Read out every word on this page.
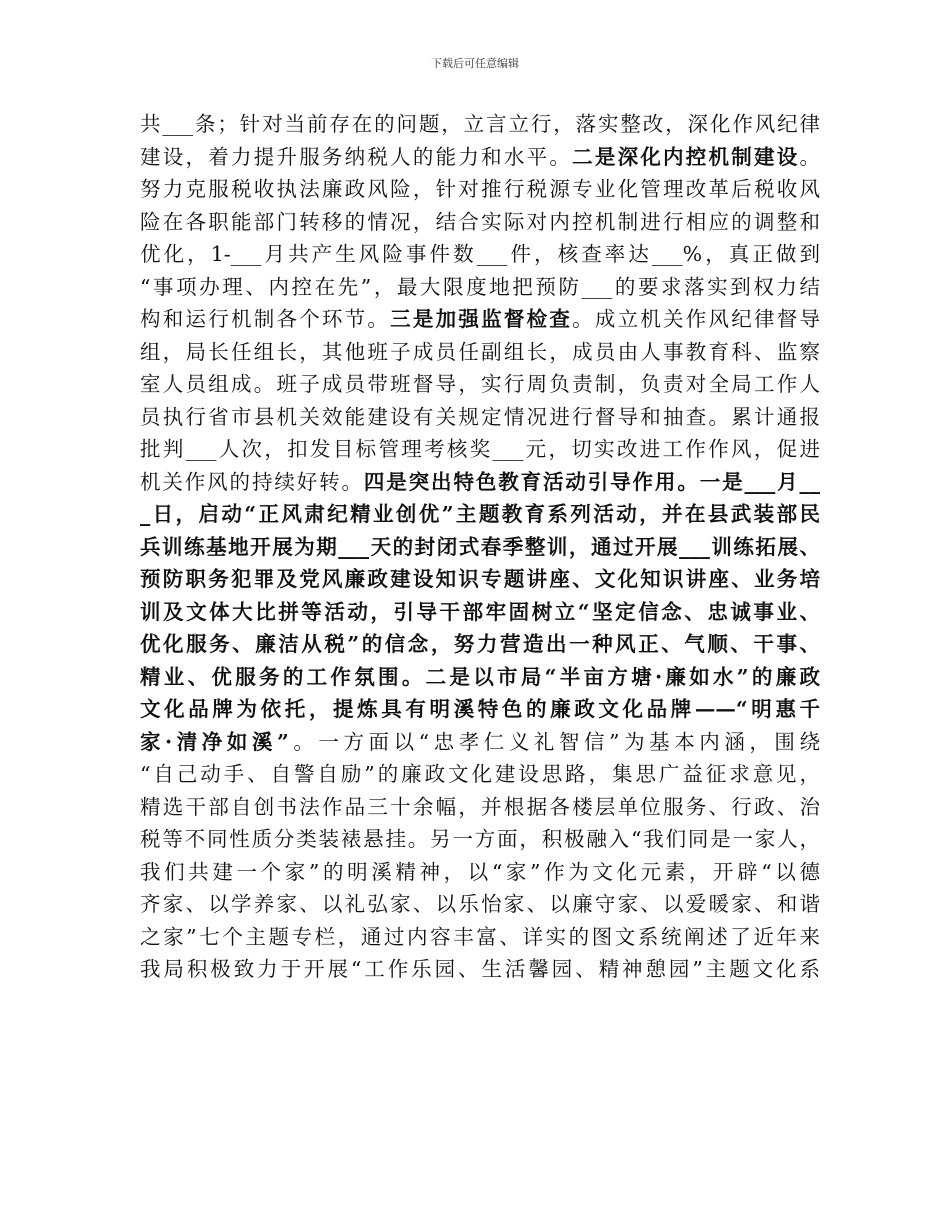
下载后可任意编辑
共___条；针对当前存在的问题，立言立行，落实整改，深化作风纪律
建设，着力提升服务纳税人的能力和水平。二是深化内控机制建设。
努力克服税收执法廉政风险，针对推行税源专业化管理改革后税收风
险在各职能部门转移的情况，结合实际对内控机制进行相应的调整和
优化，1-___月共产生风险事件数___件，核查率达___%，真正做到
“事项办理、内控在先”，最大限度地把预防___的要求落实到权力结
构和运行机制各个环节。三是加强监督检查。成立机关作风纪律督导
组，局长任组长，其他班子成员任副组长，成员由人事教育科、监察
室人员组成。班子成员带班督导，实行周负责制，负责对全局工作人
员执行省市县机关效能建设有关规定情况进行督导和抽查。累计通报
批判___人次，扣发目标管理考核奖___元，切实改进工作作风，促进
机关作风的持续好转。四是突出特色教育活动引导作用。一是___月__
_日，启动“正风肃纪精业创优”主题教育系列活动，并在县武装部民
兵训练基地开展为期___天的封闭式春季整训，通过开展___训练拓展、
预防职务犯罪及党风廉政建设知识专题讲座、文化知识讲座、业务培
训及文体大比拼等活动，引导干部牢固树立“坚定信念、忠诚事业、
优化服务、廉洁从税”的信念，努力营造出一种风正、气顺、干事、
精业、优服务的工作氛围。二是以市局“半亩方塘·廉如水”的廉政
文化品牌为依托，提炼具有明溪特色的廉政文化品牌——“明惠千
家·清净如溪”。一方面以“忠孝仁义礼智信”为基本内涵，围绕
“自己动手、自警自励”的廉政文化建设思路，集思广益征求意见，
精选干部自创书法作品三十余幅，并根据各楼层单位服务、行政、治
税等不同性质分类装裱悬挂。另一方面，积极融入“我们同是一家人，
我们共建一个家”的明溪精神，以“家”作为文化元素，开辟“以德
齐家、以学养家、以礼弘家、以乐怡家、以廉守家、以爱暖家、和谐
之家”七个主题专栏，通过内容丰富、详实的图文系统阐述了近年来
我局积极致力于开展“工作乐园、生活馨园、精神憩园”主题文化系
